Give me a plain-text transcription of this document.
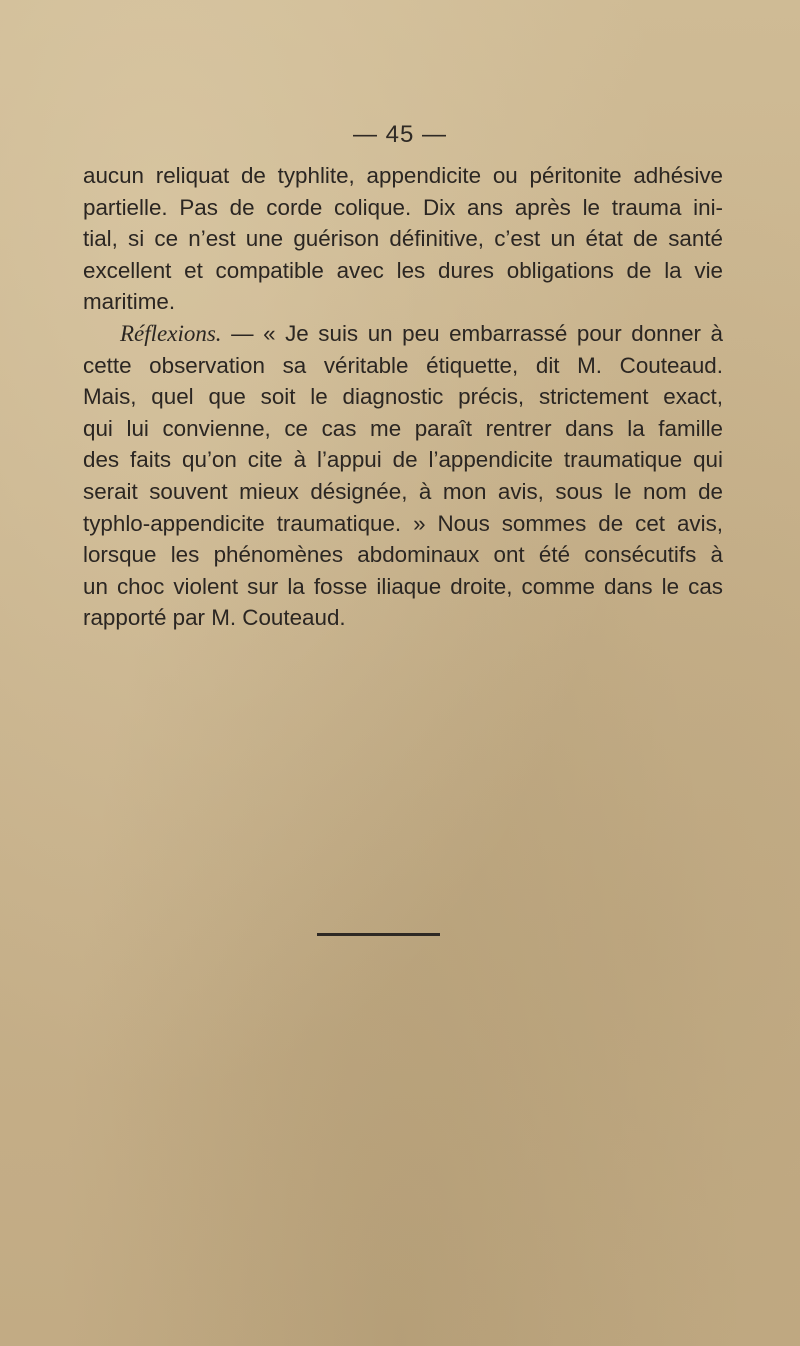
— 45 —
aucun reliquat de typhlite, appendicite ou péritonite adhésive
partielle. Pas de corde colique. Dix ans après le trauma ini-
tial, si ce n’est une guérison définitive, c’est un état de santé
excellent et compatible avec les dures obligations de la vie
maritime.
Réflexions. — « Je suis un peu embarrassé pour donner à
cette observation sa véritable étiquette, dit M. Couteaud.
Mais, quel que soit le diagnostic précis, strictement exact,
qui lui convienne, ce cas me paraît rentrer dans la famille
des faits qu’on cite à l’appui de l’appendicite traumatique qui
serait souvent mieux désignée, à mon avis, sous le nom de
typhlo-appendicite traumatique. » Nous sommes de cet avis,
lorsque les phénomènes abdominaux ont été consécutifs à
un choc violent sur la fosse iliaque droite, comme dans le cas
rapporté par M. Couteaud.
